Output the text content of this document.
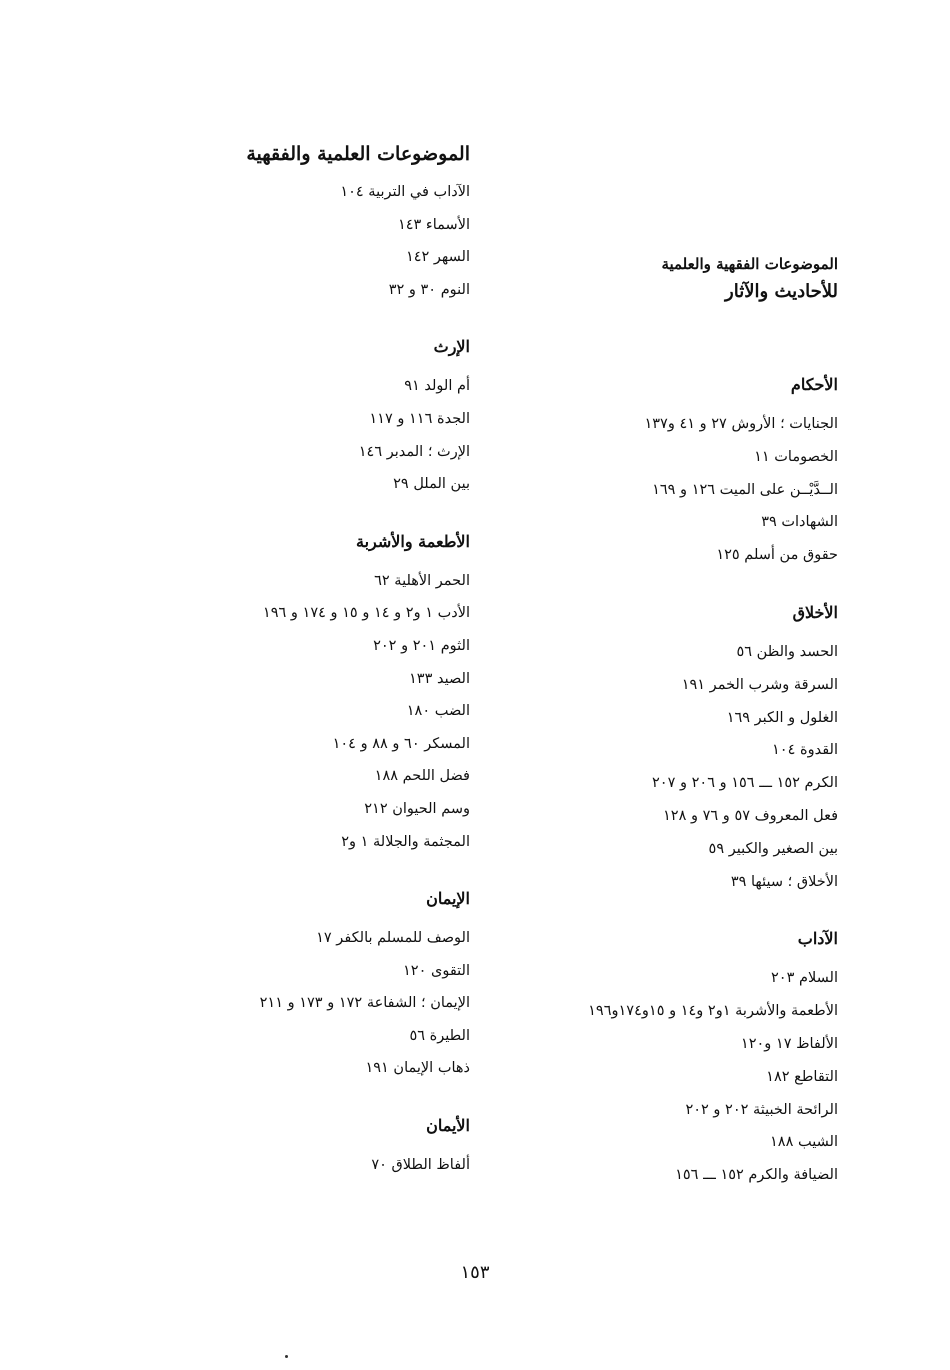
الموضوعات العلمية والفقهية
الآداب في التربية ١٠٤
الأسماء ١٤٣
السهر ١٤٢
النوم ٣٠ و ٣٢
الإرث
أم الولد ٩١
الجدة ١١٦ و ١١٧
الإرث ؛ المدبر ١٤٦
بين الملل ٢٩
الأطعمة والأشربة
الحمر الأهلية ٦٢
الأدب ١ و٢ و ١٤ و ١٥ و ١٧٤ و ١٩٦
الثوم ٢٠١ و ٢٠٢
الصيد ١٣٣
الضب ١٨٠
المسكر ٦٠ و ٨٨ و ١٠٤
فضل اللحم ١٨٨
وسم الحيوان ٢١٢
المجثمة والجلالة ١ و٢
الإيمان
الوصف للمسلم بالكفر ١٧
التقوى ١٢٠
الإيمان ؛ الشفاعة ١٧٢ و ١٧٣ و ٢١١
الطيرة ٥٦
ذهاب الإيمان ١٩١
الأيمان
ألفاظ الطلاق ٧٠
الموضوعات الفقهية والعلمية
للأحاديث والآثار
الأحكام
الجنايات ؛ الأروش ٢٧ و ٤١ و١٣٧
الخصومات ١١
الــدَّيْــن على الميت ١٢٦ و ١٦٩
الشهادات ٣٩
حقوق من أسلم ١٢٥
الأخلاق
الحسد والظن ٥٦
السرقة وشرب الخمر ١٩١
الغلول و الكبر ١٦٩
القدوة ١٠٤
الكرم ١٥٢ ـــ ١٥٦ و ٢٠٦ و ٢٠٧
فعل المعروف ٥٧ و ٧٦ و ١٢٨
بين الصغير والكبير ٥٩
الأخلاق ؛ سيئها ٣٩
الآداب
السلام ٢٠٣
الأطعمة والأشربة ١و٢ و١٤ و ١٥و١٧٤و١٩٦
الألفاظ ١٧ و١٢٠
التقاطع ١٨٢
الرائحة الخبيثة ٢٠٢ و ٢٠٢
الشيب ١٨٨
الضيافة والكرم ١٥٢ ـــ ١٥٦
١٥٣
